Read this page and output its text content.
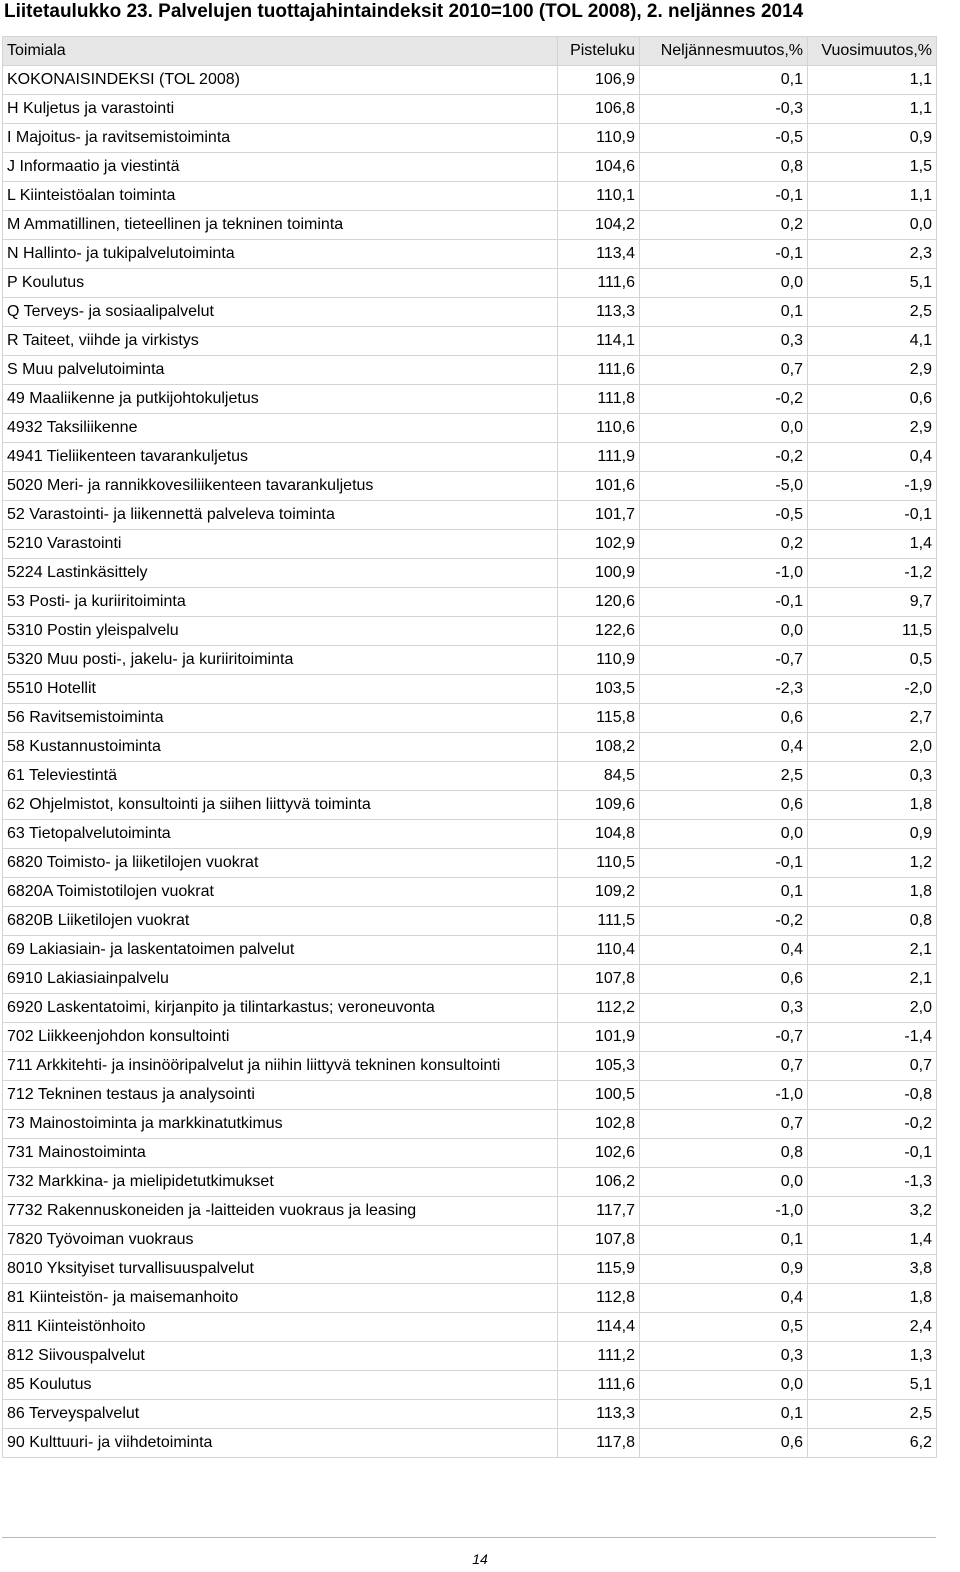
Liitetaulukko 23. Palvelujen tuottajahintaindeksit 2010=100 (TOL 2008), 2. neljännes 2014
Toimiala	Pisteluku	Neljännesmuutos,%	Vuosimuutos,%
KOKONAISINDEKSI (TOL 2008)	106,9	0,1	1,1
H Kuljetus ja varastointi	106,8	-0,3	1,1
I Majoitus- ja ravitsemistoiminta	110,9	-0,5	0,9
J Informaatio ja viestintä	104,6	0,8	1,5
L Kiinteistöalan toiminta	110,1	-0,1	1,1
M Ammatillinen, tieteellinen ja tekninen toiminta	104,2	0,2	0,0
N Hallinto- ja tukipalvelutoiminta	113,4	-0,1	2,3
P Koulutus	111,6	0,0	5,1
Q Terveys- ja sosiaalipalvelut	113,3	0,1	2,5
R Taiteet, viihde ja virkistys	114,1	0,3	4,1
S Muu palvelutoiminta	111,6	0,7	2,9
49 Maaliikenne ja putkijohtokuljetus	111,8	-0,2	0,6
4932 Taksiliikenne	110,6	0,0	2,9
4941 Tieliikenteen tavarankuljetus	111,9	-0,2	0,4
5020 Meri- ja rannikkovesiliikenteen tavarankuljetus	101,6	-5,0	-1,9
52 Varastointi- ja liikennettä palveleva toiminta	101,7	-0,5	-0,1
5210 Varastointi	102,9	0,2	1,4
5224 Lastinkäsittely	100,9	-1,0	-1,2
53 Posti- ja kuriiritoiminta	120,6	-0,1	9,7
5310 Postin yleispalvelu	122,6	0,0	11,5
5320 Muu posti-, jakelu- ja kuriiritoiminta	110,9	-0,7	0,5
5510 Hotellit	103,5	-2,3	-2,0
56 Ravitsemistoiminta	115,8	0,6	2,7
58 Kustannustoiminta	108,2	0,4	2,0
61 Televiestintä	84,5	2,5	0,3
62 Ohjelmistot, konsultointi ja siihen liittyvä toiminta	109,6	0,6	1,8
63 Tietopalvelutoiminta	104,8	0,0	0,9
6820 Toimisto- ja liiketilojen vuokrat	110,5	-0,1	1,2
6820A Toimistotilojen vuokrat	109,2	0,1	1,8
6820B Liiketilojen vuokrat	111,5	-0,2	0,8
69 Lakiasiain- ja laskentatoimen palvelut	110,4	0,4	2,1
6910 Lakiasiainpalvelu	107,8	0,6	2,1
6920 Laskentatoimi, kirjanpito ja tilintarkastus; veroneuvonta	112,2	0,3	2,0
702 Liikkeenjohdon konsultointi	101,9	-0,7	-1,4
711 Arkkitehti- ja insinööripalvelut ja niihin liittyvä tekninen konsultointi	105,3	0,7	0,7
712 Tekninen testaus ja analysointi	100,5	-1,0	-0,8
73 Mainostoiminta ja markkinatutkimus	102,8	0,7	-0,2
731 Mainostoiminta	102,6	0,8	-0,1
732 Markkina- ja mielipidetutkimukset	106,2	0,0	-1,3
7732 Rakennuskoneiden ja -laitteiden vuokraus ja leasing	117,7	-1,0	3,2
7820 Työvoiman vuokraus	107,8	0,1	1,4
8010 Yksityiset turvallisuuspalvelut	115,9	0,9	3,8
81 Kiinteistön- ja maisemanhoito	112,8	0,4	1,8
811 Kiinteistönhoito	114,4	0,5	2,4
812 Siivouspalvelut	111,2	0,3	1,3
85 Koulutus	111,6	0,0	5,1
86 Terveyspalvelut	113,3	0,1	2,5
90 Kulttuuri- ja viihdetoiminta	117,8	0,6	6,2

14
